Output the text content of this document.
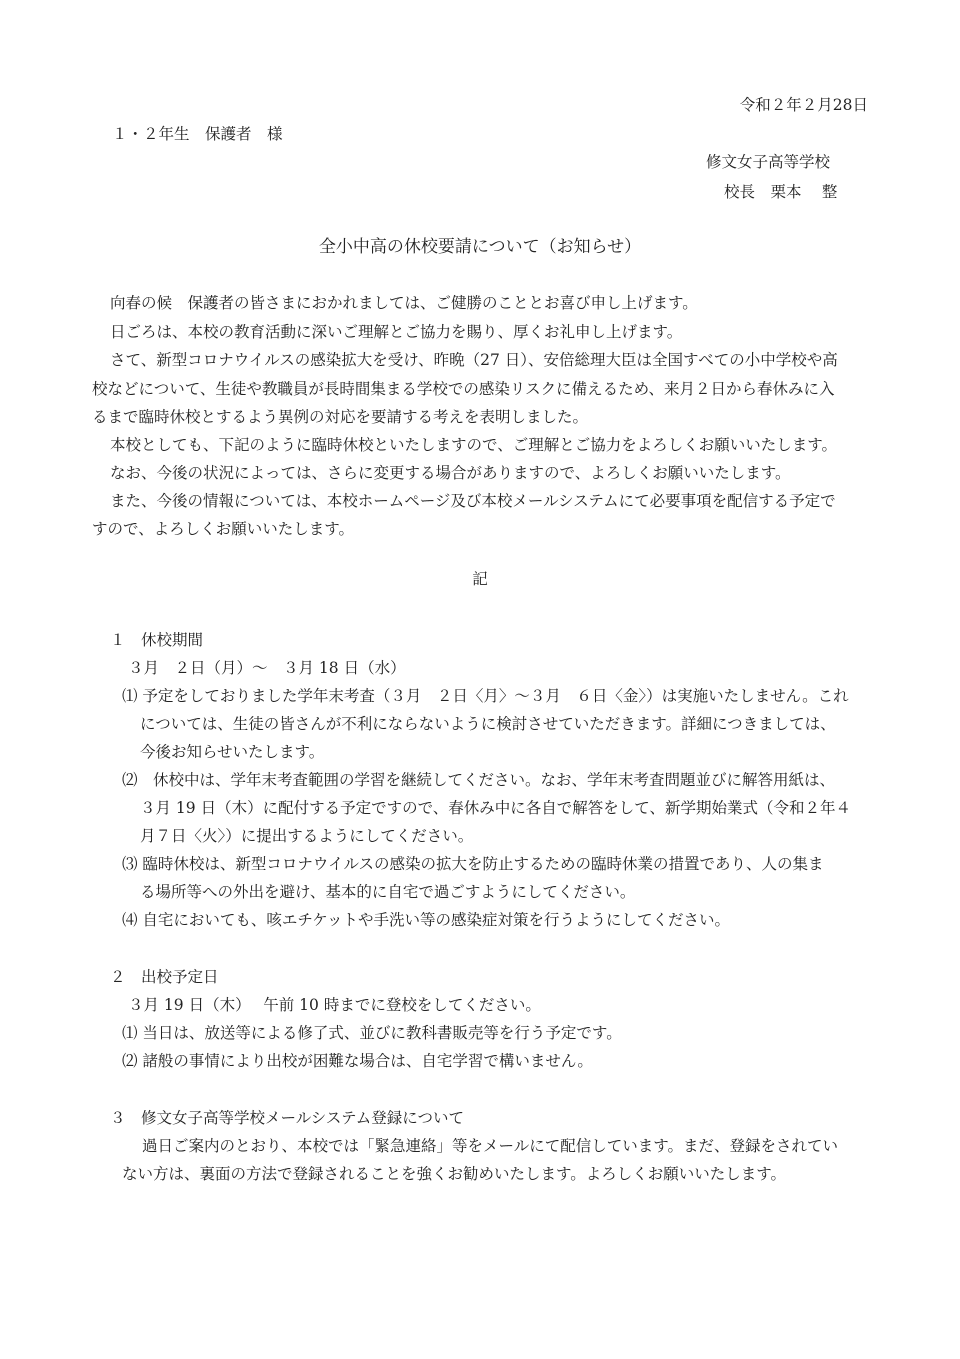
令和２年２月28日
１・２年生　保護者　様
修文女子高等学校
校長　栗本　 整
全小中高の休校要請について（お知らせ）
向春の候　保護者の皆さまにおかれましては、ご健勝のこととお喜び申し上げます。
日ごろは、本校の教育活動に深いご理解とご協力を賜り、厚くお礼申し上げます。
さて、新型コロナウイルスの感染拡大を受け、昨晩（27 日）、安倍総理大臣は全国すべての小中学校や高
校などについて、生徒や教職員が長時間集まる学校での感染リスクに備えるため、来月２日から春休みに入
るまで臨時休校とするよう異例の対応を要請する考えを表明しました。
本校としても、下記のように臨時休校といたしますので、ご理解とご協力をよろしくお願いいたします。
なお、今後の状況によっては、さらに変更する場合がありますので、よろしくお願いいたします。
また、今後の情報については、本校ホームページ及び本校メールシステムにて必要事項を配信する予定で
すので、よろしくお願いいたします。
記
１　休校期間
３月　２日（月）～　３月 18 日（水）
⑴ 予定をしておりました学年末考査（３月　２日〈月〉～３月　６日〈金〉）は実施いたしません。これ
については、生徒の皆さんが不利にならないように検討させていただきます。詳細につきましては、
今後お知らせいたします。
⑵　休校中は、学年末考査範囲の学習を継続してください。なお、学年末考査問題並びに解答用紙は、
３月 19 日（木）に配付する予定ですので、春休み中に各自で解答をして、新学期始業式（令和２年４
月７日〈火〉）に提出するようにしてください。
⑶ 臨時休校は、新型コロナウイルスの感染の拡大を防止するための臨時休業の措置であり、人の集ま
る場所等への外出を避け、基本的に自宅で過ごすようにしてください。
⑷ 自宅においても、咳エチケットや手洗い等の感染症対策を行うようにしてください。
２　出校予定日
３月 19 日（木）　 午前 10 時までに登校をしてください。
⑴ 当日は、放送等による修了式、並びに教科書販売等を行う予定です。
⑵ 諸般の事情により出校が困難な場合は、自宅学習で構いません。
３　修文女子高等学校メールシステム登録について
過日ご案内のとおり、本校では「緊急連絡」等をメールにて配信しています。まだ、登録をされてい
ない方は、裏面の方法で登録されることを強くお勧めいたします。よろしくお願いいたします。
